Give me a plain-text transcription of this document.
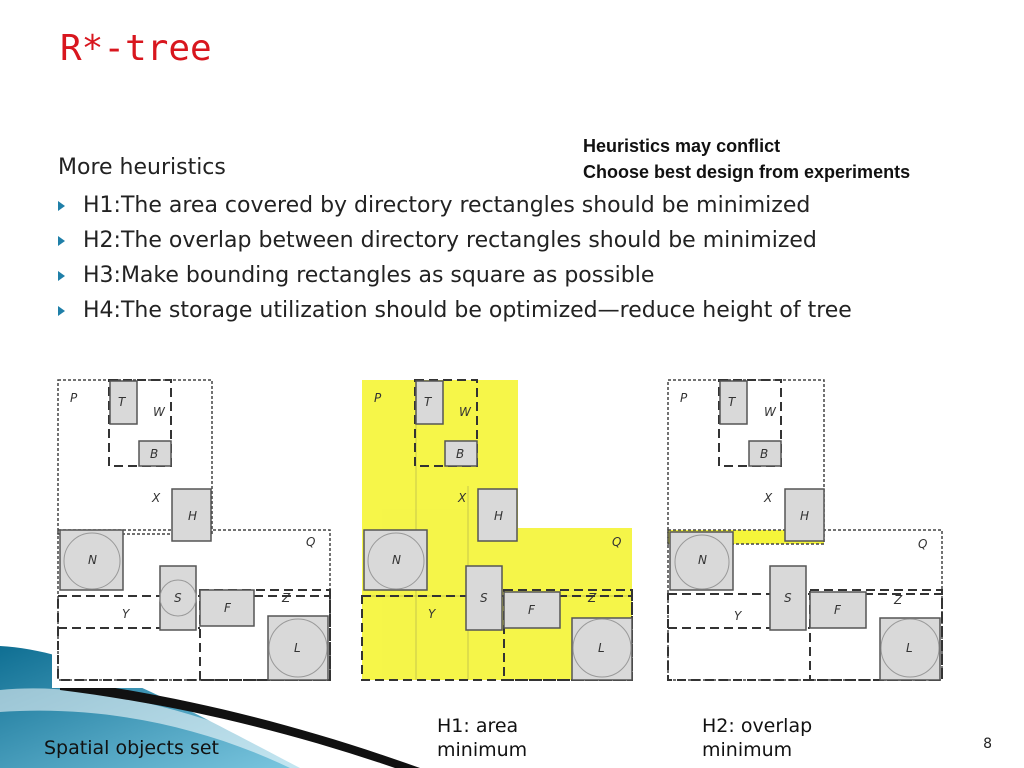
R*-tree
Heuristics may conflict
Choose best design from experiments
More heuristics
H1:The area covered by directory rectangles should be minimized
H2:The overlap between directory rectangles should be minimized
H3:Make bounding rectangles as square as possible
H4:The storage utilization should be optimized—reduce height of tree
P	T
W
B
X
H
Q
N
S
F
Z
Y
L
P	T
W
B
X
H
Q
N
S
F
Z
Y
L
P	T
W
B
X
H
Q
N
S
F
Z
Y
L
Spatial objects set
H1: area minimum
H2: overlap minimum	8
